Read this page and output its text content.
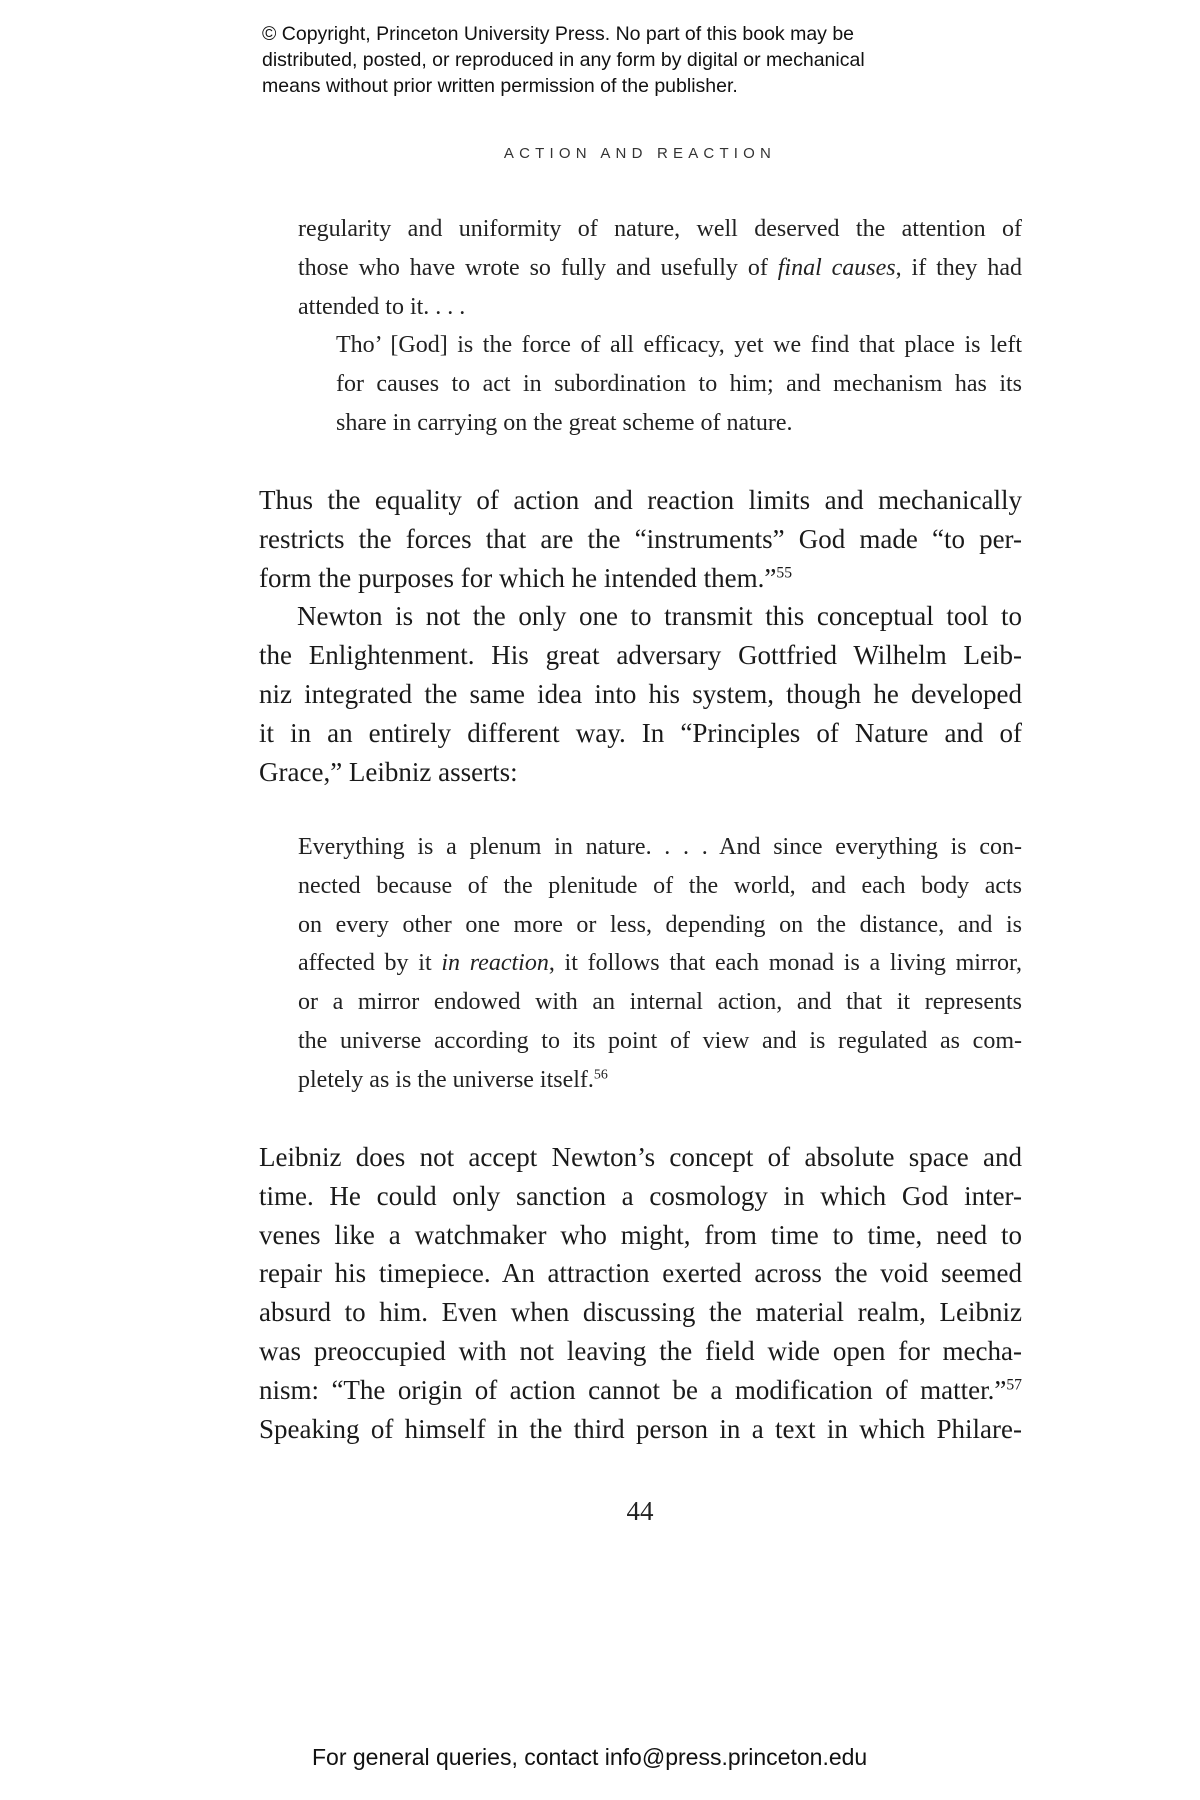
© Copyright, Princeton University Press. No part of this book may be
distributed, posted, or reproduced in any form by digital or mechanical
means without prior written permission of the publisher.
ACTION AND REACTION

regularity and uniformity of nature, well deserved the attention of
those who have wrote so fully and usefully of final causes, if they had
attended to it. . . .

Tho’ [God] is the force of all efficacy, yet we find that place is left
for causes to act in subordination to him; and mechanism has its
share in carrying on the great scheme of nature.

Thus the equality of action and reaction limits and mechanically
restricts the forces that are the “instruments” God made “to per-
form the purposes for which he intended them.”$^{55}$

Newton is not the only one to transmit this conceptual tool to
the Enlightenment. His great adversary Gottfried Wilhelm Leib-
niz integrated the same idea into his system, though he developed
it in an entirely different way. In “Principles of Nature and of
Grace,” Leibniz asserts:

Everything is a plenum in nature. . . . And since everything is con-
nected because of the plenitude of the world, and each body acts
on every other one more or less, depending on the distance, and is
affected by it in reaction, it follows that each monad is a living mirror,
or a mirror endowed with an internal action, and that it represents
the universe according to its point of view and is regulated as com-
pletely as is the universe itself.$^{56}$

Leibniz does not accept Newton’s concept of absolute space and
time. He could only sanction a cosmology in which God inter-
venes like a watchmaker who might, from time to time, need to
repair his timepiece. An attraction exerted across the void seemed
absurd to him. Even when discussing the material realm, Leibniz
was preoccupied with not leaving the field wide open for mecha-
nism: “The origin of action cannot be a modification of matter.”$^{57}$
Speaking of himself in the third person in a text in which Philare-

44
For general queries, contact info@press.princeton.edu
